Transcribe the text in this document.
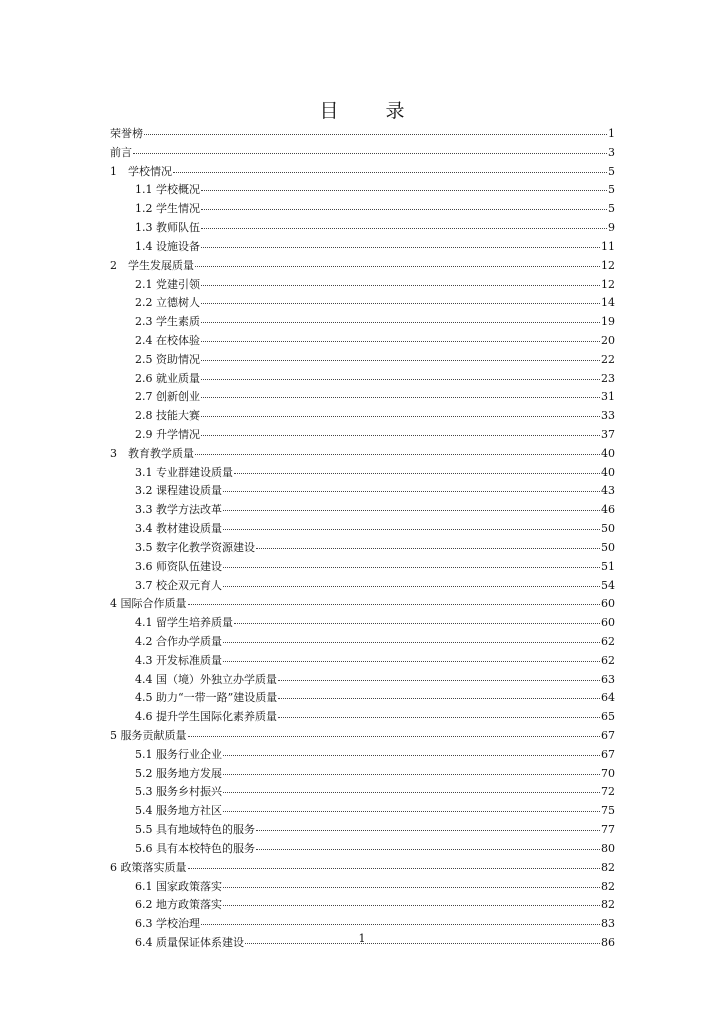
目　录
荣誉榜	1
前言	3
1　学校情况	5
1.1 学校概况	5
1.2 学生情况	5
1.3 教师队伍	9
1.4 设施设备	11
2　学生发展质量	12
2.1 党建引领	12
2.2 立德树人	14
2.3 学生素质	19
2.4 在校体验	20
2.5 资助情况	22
2.6 就业质量	23
2.7 创新创业	31
2.8 技能大赛	33
2.9 升学情况	37
3　教育教学质量	40
3.1 专业群建设质量	40
3.2 课程建设质量	43
3.3 教学方法改革	46
3.4 教材建设质量	50
3.5 数字化教学资源建设	50
3.6 师资队伍建设	51
3.7 校企双元育人	54
4 国际合作质量	60
4.1 留学生培养质量	60
4.2 合作办学质量	62
4.3 开发标准质量	62
4.4 国（境）外独立办学质量	63
4.5 助力“一带一路”建设质量	64
4.6 提升学生国际化素养质量	65
5 服务贡献质量	67
5.1 服务行业企业	67
5.2 服务地方发展	70
5.3 服务乡村振兴	72
5.4 服务地方社区	75
5.5 具有地域特色的服务	77
5.6 具有本校特色的服务	80
6 政策落实质量	82
6.1 国家政策落实	82
6.2 地方政策落实	82
6.3 学校治理	83
6.4 质量保证体系建设	86
1
